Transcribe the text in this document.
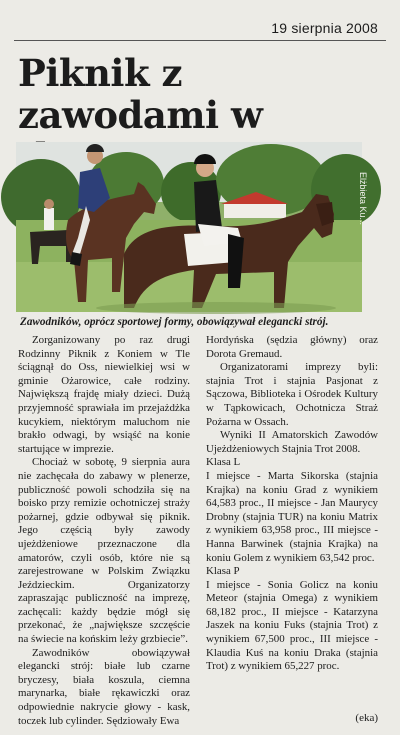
19 sierpnia 2008
Piknik z zawodami w
Elżbieta Ku...
Zawodników, oprócz sportowej formy, obowiązywał elegancki strój.

Zorganizowany po raz drugi Rodzinny Piknik z Koniem w Tle ściągnął do Oss, niewielkiej wsi w gminie Ożarowice, całe rodziny. Największą frajdę miały dzieci. Dużą przyjemność sprawiała im przejażdżka kucykiem, niektórym maluchom nie brakło odwagi, by wsiąść na konie startujące w imprezie.

Chociaż w sobotę, 9 sierpnia aura nie zachęcała do zabawy w plenerze, publiczność powoli schodziła się na boisko przy remizie ochotniczej straży pożarnej, gdzie odbywał się piknik. Jego częścią były zawody ujeżdżeniowe przeznaczone dla amatorów, czyli osób, które nie są zarejestrowane w Polskim Związku Jeździeckim. Organizatorzy zapraszając publiczność na imprezę, zachęcali: każdy będzie mógł się przekonać, że „największe szczęście na świecie na końskim leży grzbiecie”.

Zawodników obowiązywał elegancki strój: białe lub czarne bryczesy, biała koszula, ciemna marynarka, białe rękawiczki oraz odpowiednie nakrycie głowy - kask, toczek lub cylinder. Sędziowały Ewa

Hordyńska (sędzia główny) oraz Dorota Gremaud.

Organizatorami imprezy byli: stajnia Trot i stajnia Pasjonat z Sączowa, Biblioteka i Ośrodek Kultury w Tąpkowicach, Ochotnicza Straż Pożarna w Ossach.

Wyniki II Amatorskich Zawodów Ujeżdżeniowych Stajnia Trot 2008.

Klasa L

I miejsce - Marta Sikorska (stajnia Krajka) na koniu Grad z wynikiem 64,583 proc., II miejsce - Jan Maurycy Drobny (stajnia TUR) na koniu Matrix z wynikiem 63,958 proc., III miejsce - Hanna Barwinek (stajnia Krajka) na koniu Golem z wynikiem 63,542 proc.

Klasa P

I miejsce - Sonia Golicz na koniu Meteor (stajnia Omega) z wynikiem 68,182 proc., II miejsce - Katarzyna Jaszek na koniu Fuks (stajnia Trot) z wynikiem 67,500 proc., III miejsce - Klaudia Kuś na koniu Draka (stajnia Trot) z wynikiem 65,227 proc.

(eka)
